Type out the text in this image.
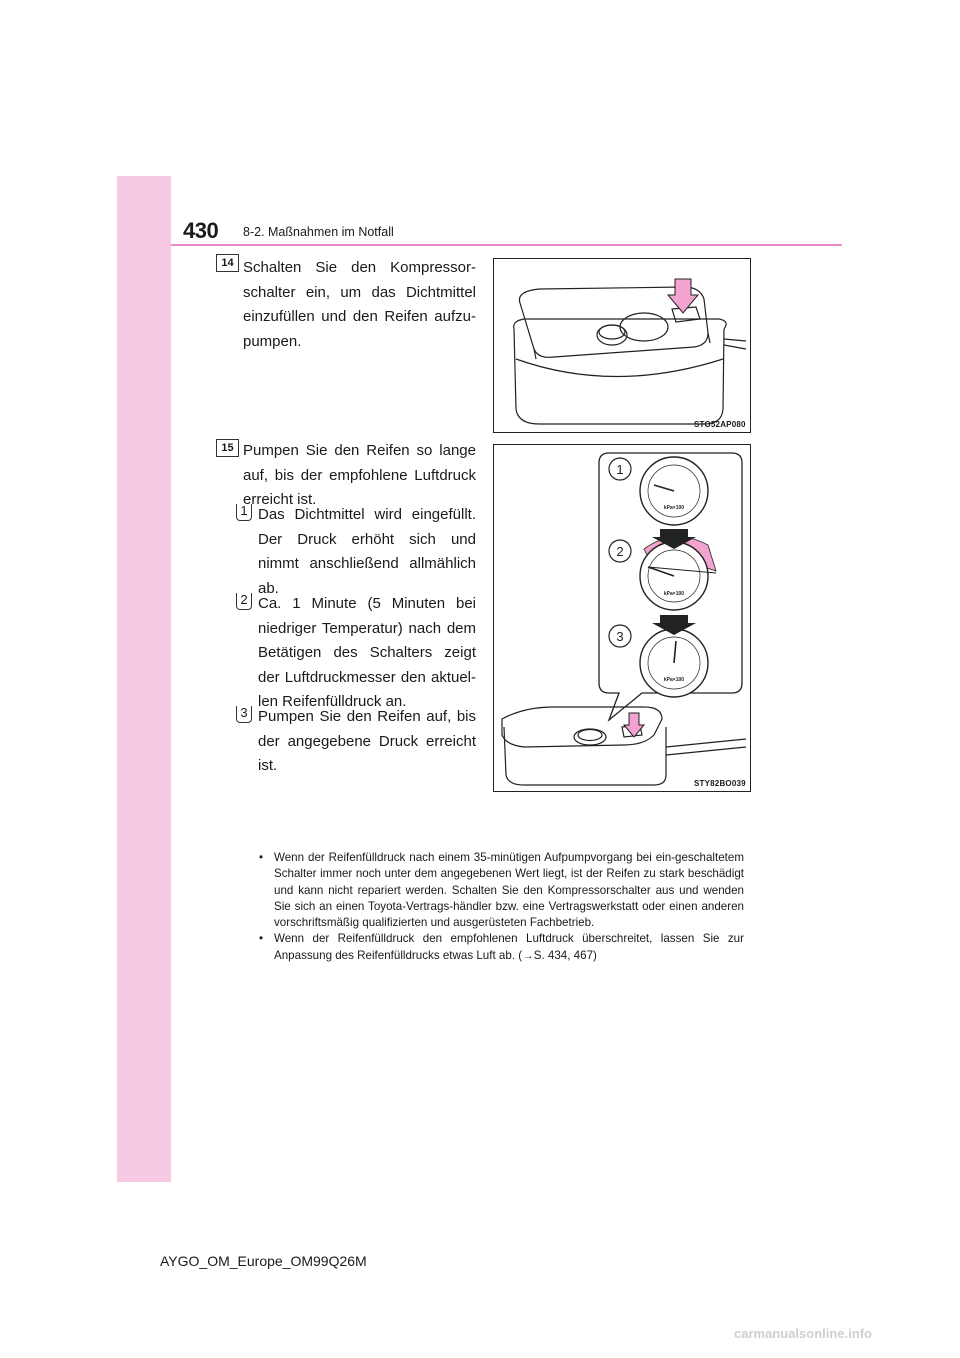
430 8-2. Maßnahmen im Notfall
14 Schalten Sie den Kompressor-schalter ein, um das Dichtmittel einzufüllen und den Reifen aufzu-pumpen.
STO52AP080
15 Pumpen Sie den Reifen so lange auf, bis der empfohlene Luftdruck erreicht ist.
1 Das Dichtmittel wird eingefüllt. Der Druck erhöht sich und nimmt anschließend allmählich ab.
2 Ca. 1 Minute (5 Minuten bei niedriger Temperatur) nach dem Betätigen des Schalters zeigt der Luftdruckmesser den aktuel-len Reifenfülldruck an.
3 Pumpen Sie den Reifen auf, bis der angegebene Druck erreicht ist.
1
2
3
kPa×100
kPa×100
kPa×100
STY82BO039
• Wenn der Reifenfülldruck nach einem 35-minütigen Aufpumpvorgang bei ein-geschaltetem Schalter immer noch unter dem angegebenen Wert liegt, ist der Reifen zu stark beschädigt und kann nicht repariert werden. Schalten Sie den Kompressorschalter aus und wenden Sie sich an einen Toyota-Vertrags-händler bzw. eine Vertragswerkstatt oder einen anderen vorschriftsmäßig qualifizierten und ausgerüsteten Fachbetrieb.
• Wenn der Reifenfülldruck den empfohlenen Luftdruck überschreitet, lassen Sie zur Anpassung des Reifenfülldrucks etwas Luft ab. (→S. 434, 467)
AYGO_OM_Europe_OM99Q26M
carmanualsonline.info
